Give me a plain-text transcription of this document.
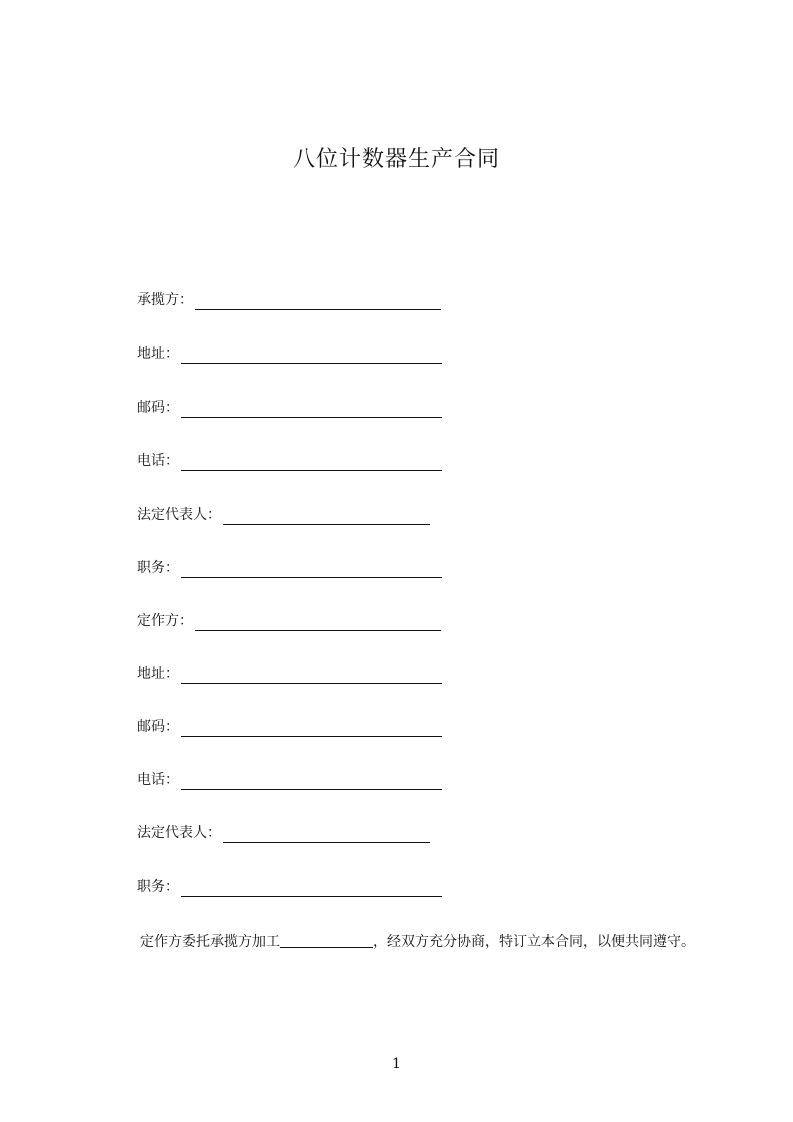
八位计数器生产合同
承揽方：
地址：
邮码：
电话：
法定代表人：
职务：
定作方：
地址：
邮码：
电话：
法定代表人：
职务：
定作方委托承揽方加工	，经双方充分协商，特订立本合同，以便共同遵守。
1
